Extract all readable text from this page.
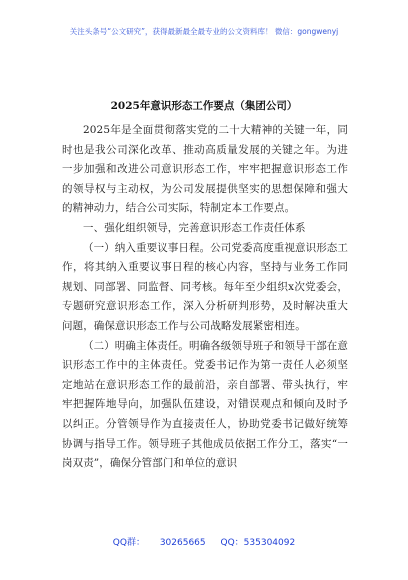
关注头条号“公文研究”，获得最新最全最专业的公文资料库！ 微信：gongwenyj
2025年意识形态工作要点（集团公司）

2025年是全面贯彻落实党的二十大精神的关键一年，同时也是我公司深化改革、推动高质量发展的关键之年。为进一步加强和改进公司意识形态工作，牢牢把握意识形态工作的领导权与主动权，为公司发展提供坚实的思想保障和强大的精神动力，结合公司实际，特制定本工作要点。

一、强化组织领导，完善意识形态工作责任体系

（一）纳入重要议事日程。公司党委高度重视意识形态工作，将其纳入重要议事日程的核心内容，坚持与业务工作同规划、同部署、同监督、同考核。每年至少组织x次党委会，专题研究意识形态工作，深入分析研判形势，及时解决重大问题，确保意识形态工作与公司战略发展紧密相连。

（二）明确主体责任。明确各级领导班子和领导干部在意识形态工作中的主体责任。党委书记作为第一责任人必须坚定地站在意识形态工作的最前沿，亲自部署、带头执行，牢牢把握阵地导向，加强队伍建设，对错误观点和倾向及时予以纠正。分管领导作为直接责任人，协助党委书记做好统筹协调与指导工作。领导班子其他成员依据工作分工，落实“一岗双责”，确保分管部门和单位的意识

QQ群： 30265665 QQ：535304092
